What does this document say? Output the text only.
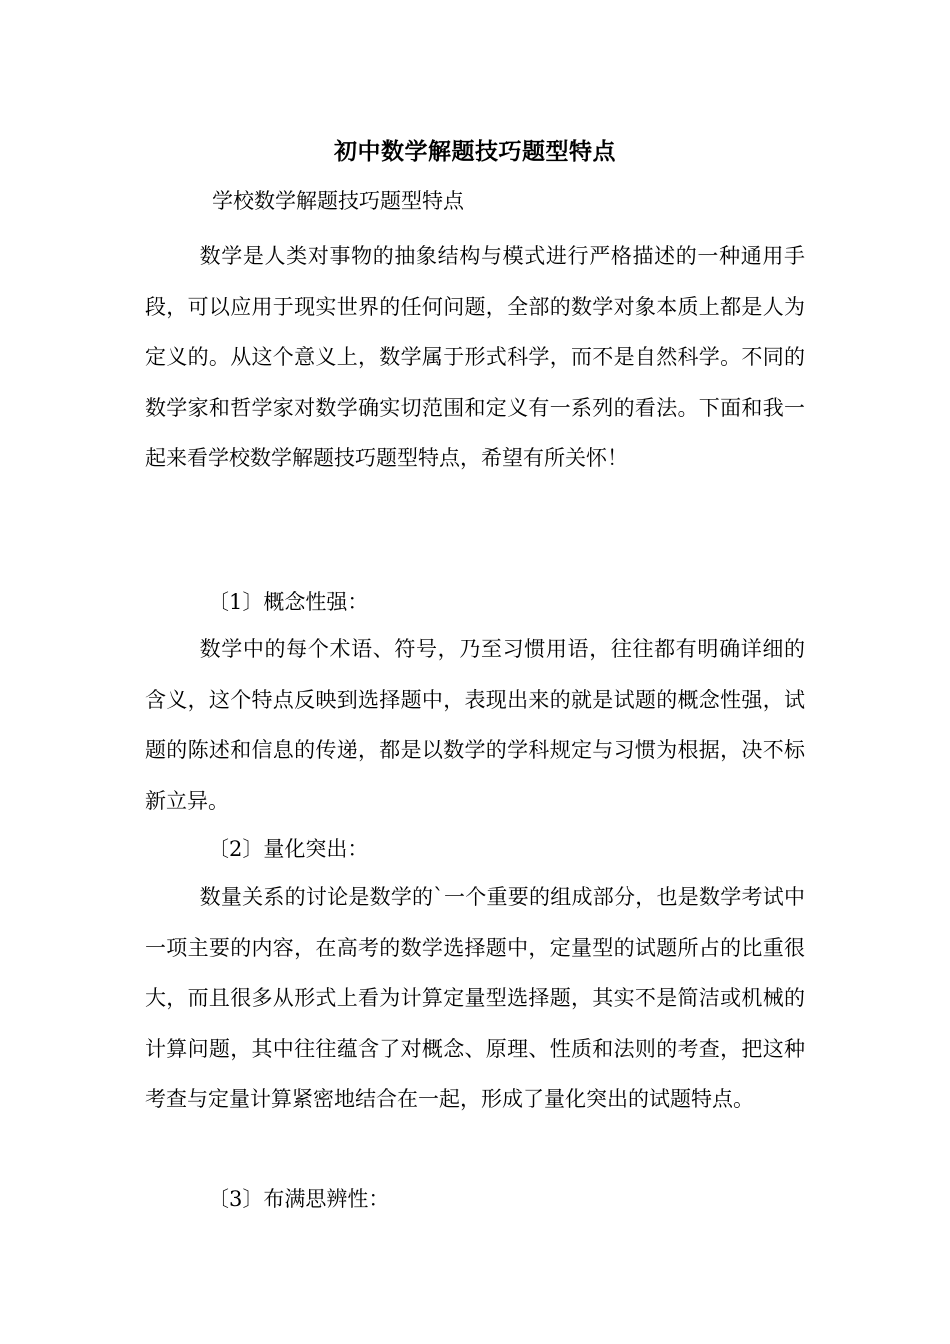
初中数学解题技巧题型特点
学校数学解题技巧题型特点

数学是人类对事物的抽象结构与模式进行严格描述的一种通用手段，可以应用于现实世界的任何问题，全部的数学对象本质上都是人为定义的。从这个意义上，数学属于形式科学，而不是自然科学。不同的数学家和哲学家对数学确实切范围和定义有一系列的看法。下面和我一起来看学校数学解题技巧题型特点，希望有所关怀！

〔1〕概念性强：

数学中的每个术语、符号，乃至习惯用语，往往都有明确详细的含义，这个特点反映到选择题中，表现出来的就是试题的概念性强，试题的陈述和信息的传递，都是以数学的学科规定与习惯为根据，决不标新立异。

〔2〕量化突出：

数量关系的讨论是数学的`一个重要的组成部分，也是数学考试中一项主要的内容，在高考的数学选择题中，定量型的试题所占的比重很大，而且很多从形式上看为计算定量型选择题，其实不是简洁或机械的计算问题，其中往往蕴含了对概念、原理、性质和法则的考查，把这种考查与定量计算紧密地结合在一起，形成了量化突出的试题特点。

〔3〕布满思辨性：
